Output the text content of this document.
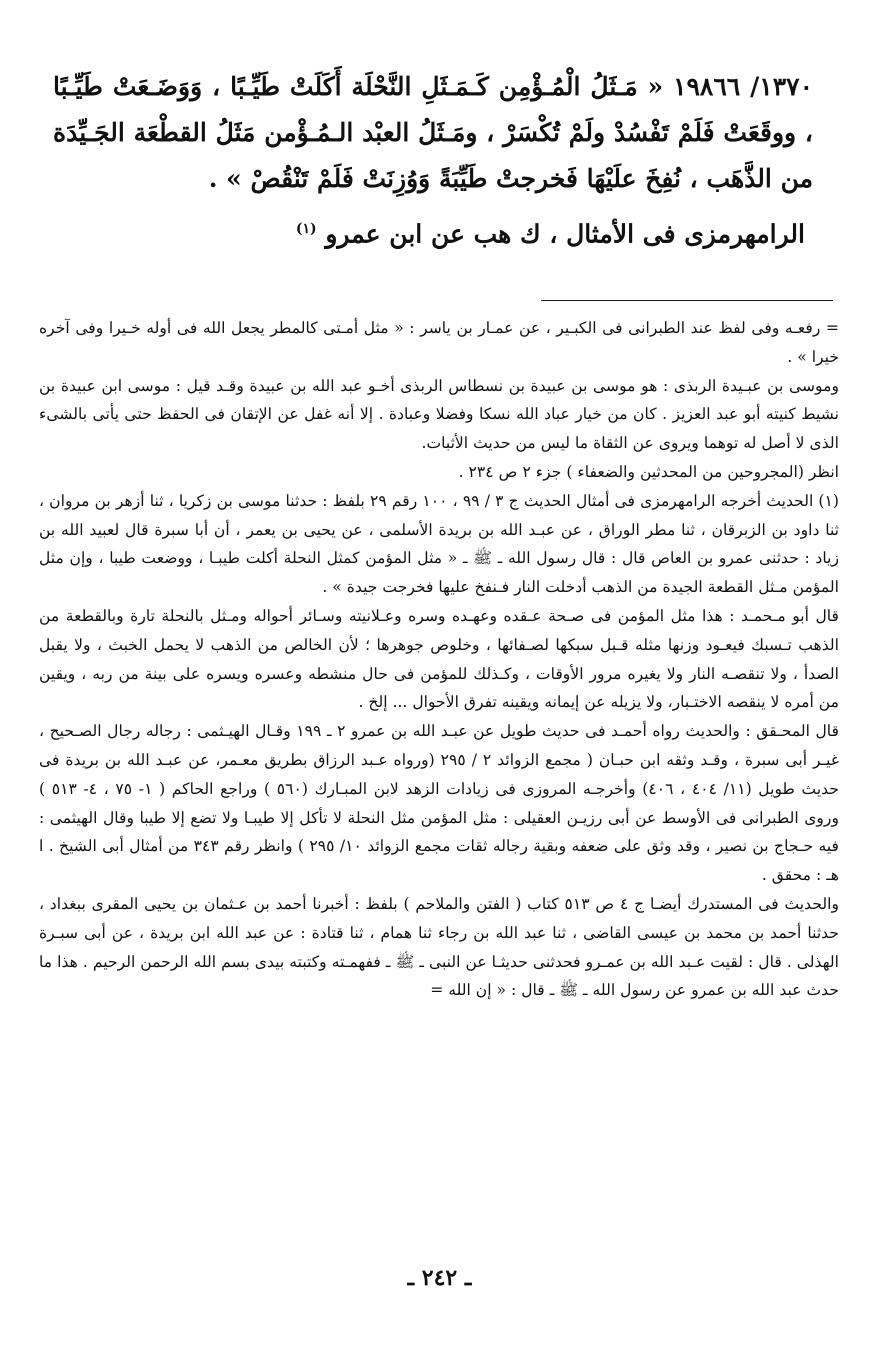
١٣٧٠/ ١٩٨٦٦ « مَـثَلُ الْمُـؤْمِن كَـمَـثَلِ النَّحْلَة أَكَلَتْ طَيِّـبًا ، وَوَضَـعَتْ طَيِّـبًا ، ووقَعَتْ فَلَمْ تَفْسُدْ ولَمْ تُكْسَرْ ، ومَـثَلُ العبْد الـمُـؤْمن مَثَلُ القطْعَة الجَـيِّدَة من الذَّهَب ، نُفِخَ علَيْهَا فَخرجتْ طَيِّبَةً وَوُزِنَتْ فَلَمْ تَنْقُصْ » .

الرامهرمزى فى الأمثال ، ك هب عن ابن عمرو $^{(١)}$

= رفعـه وفى لفظ عند الطبرانى فى الكبـير ، عن عمـار بن ياسر : « مثل أمـتى كالمطر يجعل الله فى أوله خـيرا وفى آخره خيرا » .

وموسى بن عبـيدة الربذى : هو موسى بن عبيدة بن نسطاس الربذى أخـو عبد الله بن عبيدة وقـد قيل : موسى ابن عبيدة بن نشيط كنيته أبو عبد العزيز . كان من خيار عباد الله نسكا وفضلا وعبادة . إلا أنه غفل عن الإتقان فى الحفظ حتى يأتى بالشىء الذى لا أصل له توهما ويروى عن الثقاة ما ليس من حديث الأثبات.

انظر (المجروحين من المحدثين والضعفاء ) جزء ٢ ص ٢٣٤ .

(١) الحديث أخرجه الرامهرمزى فى أمثال الحديث ج ٣ / ٩٩ ، ١٠٠ رقم ٢٩ بلفظ : حدثنا موسى بن زكريا ، ثنا أزهر بن مروان ، ثنا داود بن الزبرقان ، ثنا مطر الوراق ، عن عبـد الله بن بريدة الأسلمى ، عن يحيى بن يعمر ، أن أبا سبرة قال لعبيد الله بن زياد : حدثنى عمرو بن العاص قال : قال رسول الله ـ ﷺ ـ « مثل المؤمن كمثل النحلة أكلت طيبـا ، ووضعت طيبا ، وإن مثل المؤمن مـثل القطعة الجيدة من الذهب أدخلت النار فـنفخ عليها فخرجت جيدة » .

قال أبو مـحمـد : هذا مثل المؤمن فى صـحة عـقده وعهـده وسره وعـلانيته وسـائر أحواله ومـثل بالنحلة تارة وبالقطعة من الذهب تـسبك فيعـود وزنها مثله قـبل سبكها لصـفائها ، وخلوص جوهرها ؛ لأن الخالص من الذهب لا يحمل الخبث ، ولا يقبل الصدأ ، ولا تنقصـه النار ولا يغيره مرور الأوقات ، وكـذلك للمؤمن فى حال منشطه وعسره ويسره على بينة من ربه ، ويقين من أمره لا ينقصه الاختـبار، ولا يزيله عن إيمانه ويقينه تفرق الأحوال ... إلخ .

قال المحـقق : والحديث رواه أحمـد فى حديث طويل عن عبـد الله بن عمرو ٢ ـ ١٩٩ وقـال الهيـثمى : رجاله رجال الصـحيح ، غيـر أبى سبرة ، وقـد وثقه ابن حبـان ( مجمع الزوائد ٢ / ٢٩٥ (ورواه عـبد الرزاق بطريق معـمر، عن عبـد الله بن بريدة فى حديث طويل (١١/ ٤٠٤ ، ٤٠٦) وأخرجـه المروزى فى زيادات الزهد لابن المبـارك (٥٦٠ ) وراجع الحاكم ( ١- ٧٥ ، ٤- ٥١٣ ) وروى الطبرانى فى الأوسط عن أبى رزيـن العقيلى : مثل المؤمن مثل النحلة لا تأكل إلا طيبـا ولا تضع إلا طيبا وقال الهيثمى : فيه حـجاج بن نصير ، وقد وثق على ضعفه وبقية رجاله ثقات مجمع الزوائد ١٠/ ٢٩٥ ) وانظر رقم ٣٤٣ من أمثال أبى الشيخ . ا هـ : محقق .

والحديث فى المستدرك أيضـا ج ٤ ص ٥١٣ كتاب ( الفتن والملاحم ) بلفظ : أخبرنا أحمد بن عـثمان بن يحيى المقرى ببغداد ، حدثنا أحمد بن محمد بن عيسى القاضى ، ثنا عبد الله بن رجاء ثنا همام ، ثنا قتادة : عن عبد الله ابن بريدة ، عن أبى سبـرة الهذلى . قال : لقيت عـبد الله بن عمـرو فحدثنى حديثـا عن النبى ـ ﷺ ـ ففهمـته وكتبته بيدى بسم الله الرحمن الرحيم . هذا ما حدث عبد الله بن عمرو عن رسول الله ـ ﷺ ـ قال : « إن الله =

ـ ٢٤٢ ـ
